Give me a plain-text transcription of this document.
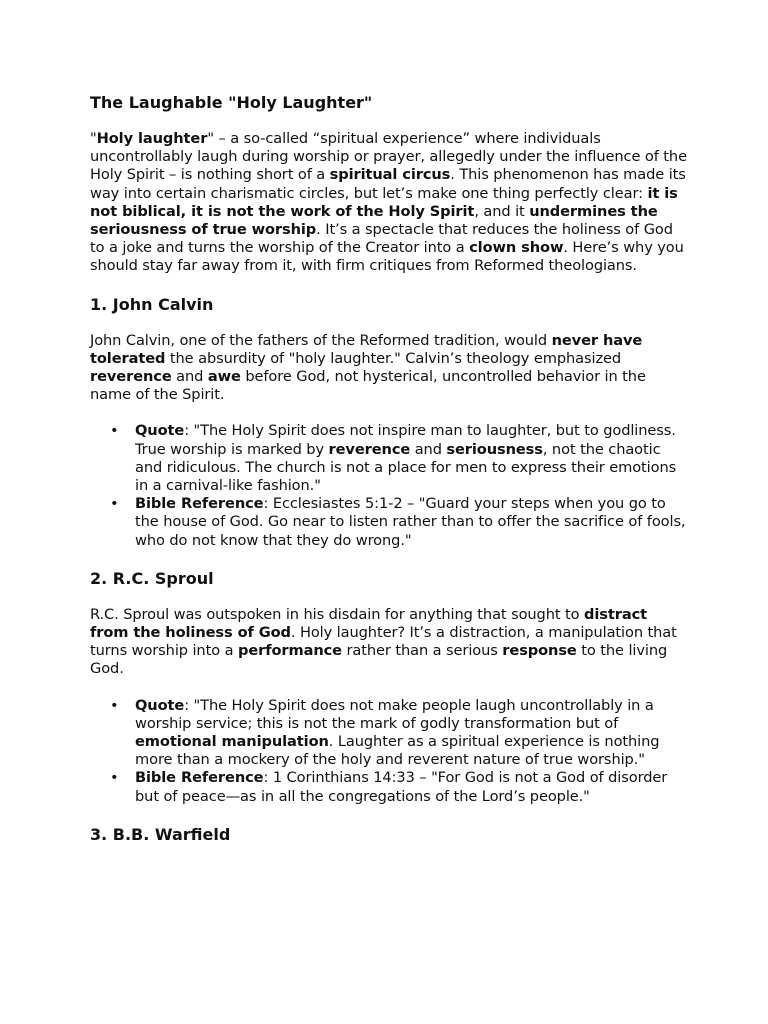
The Laughable "Holy Laughter"

"Holy laughter" – a so-called “spiritual experience” where individuals uncontrollably laugh during worship or prayer, allegedly under the influence of the Holy Spirit – is nothing short of a spiritual circus. This phenomenon has made its way into certain charismatic circles, but let’s make one thing perfectly clear: it is not biblical, it is not the work of the Holy Spirit, and it undermines the seriousness of true worship. It’s a spectacle that reduces the holiness of God to a joke and turns the worship of the Creator into a clown show. Here’s why you should stay far away from it, with firm critiques from Reformed theologians.

1. John Calvin

John Calvin, one of the fathers of the Reformed tradition, would never have tolerated the absurdity of "holy laughter." Calvin’s theology emphasized reverence and awe before God, not hysterical, uncontrolled behavior in the name of the Spirit.

• Quote: "The Holy Spirit does not inspire man to laughter, but to godliness. True worship is marked by reverence and seriousness, not the chaotic and ridiculous. The church is not a place for men to express their emotions in a carnival-like fashion."
• Bible Reference: Ecclesiastes 5:1-2 – "Guard your steps when you go to the house of God. Go near to listen rather than to offer the sacrifice of fools, who do not know that they do wrong."
2. R.C. Sproul

R.C. Sproul was outspoken in his disdain for anything that sought to distract from the holiness of God. Holy laughter? It’s a distraction, a manipulation that turns worship into a performance rather than a serious response to the living God.

• Quote: "The Holy Spirit does not make people laugh uncontrollably in a worship service; this is not the mark of godly transformation but of emotional manipulation. Laughter as a spiritual experience is nothing more than a mockery of the holy and reverent nature of true worship."
• Bible Reference: 1 Corinthians 14:33 – "For God is not a God of disorder but of peace—as in all the congregations of the Lord’s people."
3. B.B. Warfield
